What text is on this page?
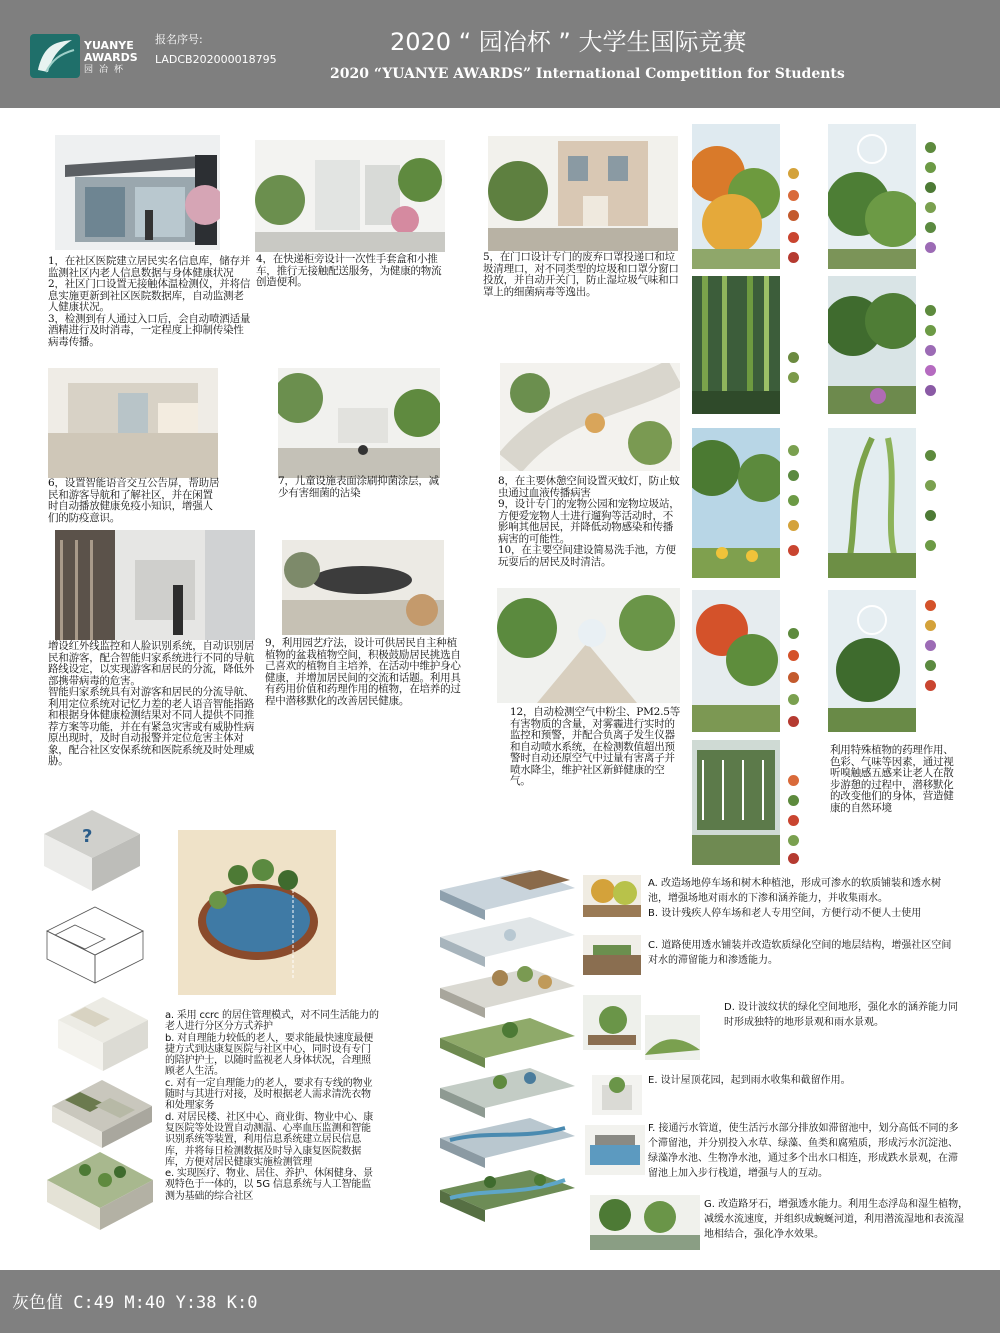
YUANYE
AWARDS
园冶杯
报名序号:
LADCB202000018795
2020 “ 园冶杯 ” 大学生国际竞赛
2020 “YUANYE AWARDS” International Competition for Students
1，在社区医院建立居民实名信息库，储存并监测社区内老人信息数据与身体健康状况
2，社区门口设置无接触体温检测仪，并将信息实施更新到社区医院数据库，自动监测老人健康状况。
3，检测到有人通过入口后，会自动喷洒适量酒精进行及时消毒，一定程度上抑制传染性病毒传播。
4，在快递柜旁设计一次性手套盒和小推车，推行无接触配送服务，为健康的物流创造便利。
5，在门口设计专门的废弃口罩投递口和垃圾清理口，对不同类型的垃圾和口罩分窗口投放，并自动开关门，防止湿垃圾气味和口罩上的细菌病毒等逸出。
6，设置智能语音交互公告屏，帮助居民和游客导航和了解社区，并在闲置时自动播放健康免疫小知识，增强人们的防疫意识。
7，儿童设施表面涂刷抑菌涂层，减少有害细菌的沾染
8，在主要休憩空间设置灭蚊灯，防止蚊虫通过血液传播病害
9，设计专门的宠物公园和宠物垃圾站，方便爱宠物人士进行遛狗等活动时，不影响其他居民，并降低动物感染和传播病害的可能性。
10，在主要空间建设简易洗手池，方便玩耍后的居民及时清洁。
增设红外线监控和人脸识别系统，自动识别居民和游客，配合智能归家系统进行不同的导航路线设定，以实现游客和居民的分流，降低外部携带病毒的危害。
智能归家系统具有对游客和居民的分流导航、利用定位系统对记忆力差的老人语音智能指路和根据身体健康检测结果对不同人提供不同推荐方案等功能，并在有紧急灾害或有威胁性病原出现时，及时自动报警并定位危害主体对象，配合社区安保系统和医院系统及时处理威胁。
9，利用园艺疗法，设计可供居民自主种植植物的盆栽植物空间，积极鼓励居民挑选自己喜欢的植物自主培养，在活动中维护身心健康，并增加居民间的交流和话题。利用具有药用价值和药理作用的植物，在培养的过程中潜移默化的改善居民健康。
12，自动检测空气中粉尘、PM2.5等有害物质的含量，对雾霾进行实时的监控和预警，并配合负离子发生仪器和自动喷水系统，在检测数值超出预警时自动还原空气中过量有害离子并喷水降尘，维护社区新鲜健康的空气。
利用特殊植物的药理作用、色彩、气味等因素，通过视听嗅触感五感来让老人在散步游憩的过程中，潜移默化的改变他们的身体，营造健康的自然环境
?
a. 采用 ccrc 的居住管理模式，对不同生活能力的老人进行分区分方式养护
b. 对自理能力较低的老人，要求能最快速度最便捷方式到达康复医院与社区中心，同时设有专门的陪护护士，以随时监视老人身体状况，合理照顾老人生活。
c. 对有一定自理能力的老人，要求有专线的物业随时与其进行对接，及时根据老人需求清洗衣物和处理家务
d. 对居民楼、社区中心、商业街、物业中心、康复医院等处设置自动测温、心率血压监测和智能识别系统等装置，利用信息系统建立居民信息库，并将每日检测数据及时导入康复医院数据库，方便对居民健康实施检测管理
e. 实现医疗、物业、居住、养护、休闲健身、景观特色于一体的，以 5G 信息系统与人工智能监测为基础的综合社区
A. 改造场地停车场和树木种植池，形成可渗水的软质铺装和透水树池，增强场地对雨水的下渗和涵养能力，并收集雨水。
B. 设计残疾人停车场和老人专用空间，方便行动不便人士使用
C. 道路使用透水铺装并改造软质绿化空间的地层结构，增强社区空间对水的滞留能力和渗透能力。
D. 设计波纹状的绿化空间地形，强化水的涵养能力同时形成独特的地形景观和雨水景观。
E. 设计屋顶花园，起到雨水收集和截留作用。
F. 接通污水管道，使生活污水部分排放如滞留池中，划分高低不同的多个滞留池，并分别投入水草、绿藻、鱼类和腐殖质，形成污水沉淀池、绿藻净水池、生物净水池，通过多个出水口相连，形成跌水景观，在滞留池上加入步行栈道，增强与人的互动。
G. 改造路牙石，增强透水能力。利用生态浮岛和湿生植物，减缓水流速度，并组织成蜿蜒河道，利用潜流湿地和表流湿地相结合，强化净水效果。
灰色值 C:49 M:40 Y:38 K:0
